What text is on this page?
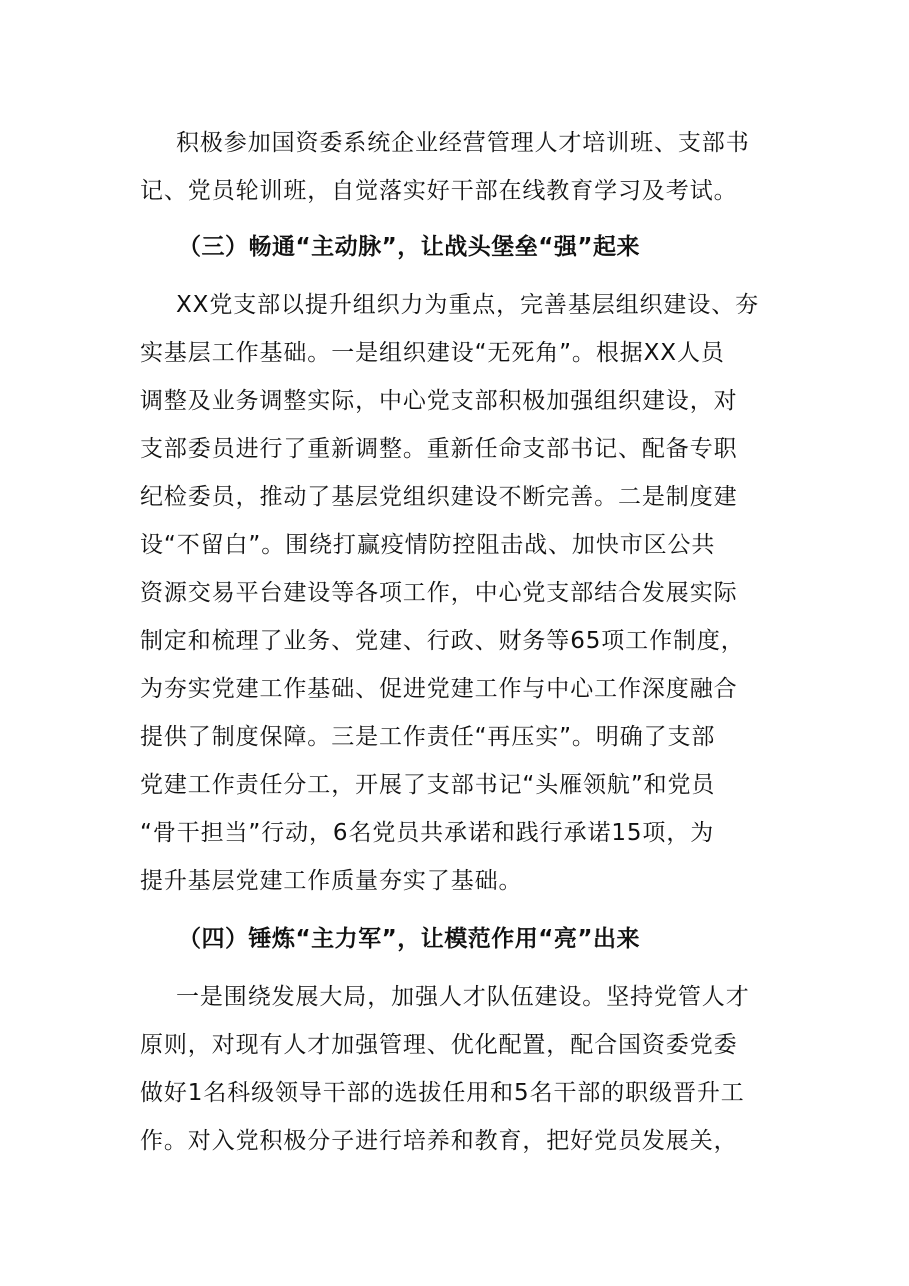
积极参加国资委系统企业经营管理人才培训班、支部书
记、党员轮训班，自觉落实好干部在线教育学习及考试。
（三）畅通“主动脉”，让战头堡垒“强”起来
XX党支部以提升组织力为重点，完善基层组织建设、夯
实基层工作基础。一是组织建设“无死角”。根据XX人员
调整及业务调整实际，中心党支部积极加强组织建设，对
支部委员进行了重新调整。重新任命支部书记、配备专职
纪检委员，推动了基层党组织建设不断完善。二是制度建
设“不留白”。围绕打赢疫情防控阻击战、加快市区公共
资源交易平台建设等各项工作，中心党支部结合发展实际
制定和梳理了业务、党建、行政、财务等65项工作制度，
为夯实党建工作基础、促进党建工作与中心工作深度融合
提供了制度保障。三是工作责任“再压实”。明确了支部
党建工作责任分工，开展了支部书记“头雁领航”和党员
“骨干担当”行动，6名党员共承诺和践行承诺15项，为
提升基层党建工作质量夯实了基础。
（四）锤炼“主力军”，让模范作用“亮”出来
一是围绕发展大局，加强人才队伍建设。坚持党管人才
原则，对现有人才加强管理、优化配置，配合国资委党委
做好1名科级领导干部的选拔任用和5名干部的职级晋升工
作。对入党积极分子进行培养和教育，把好党员发展关，
